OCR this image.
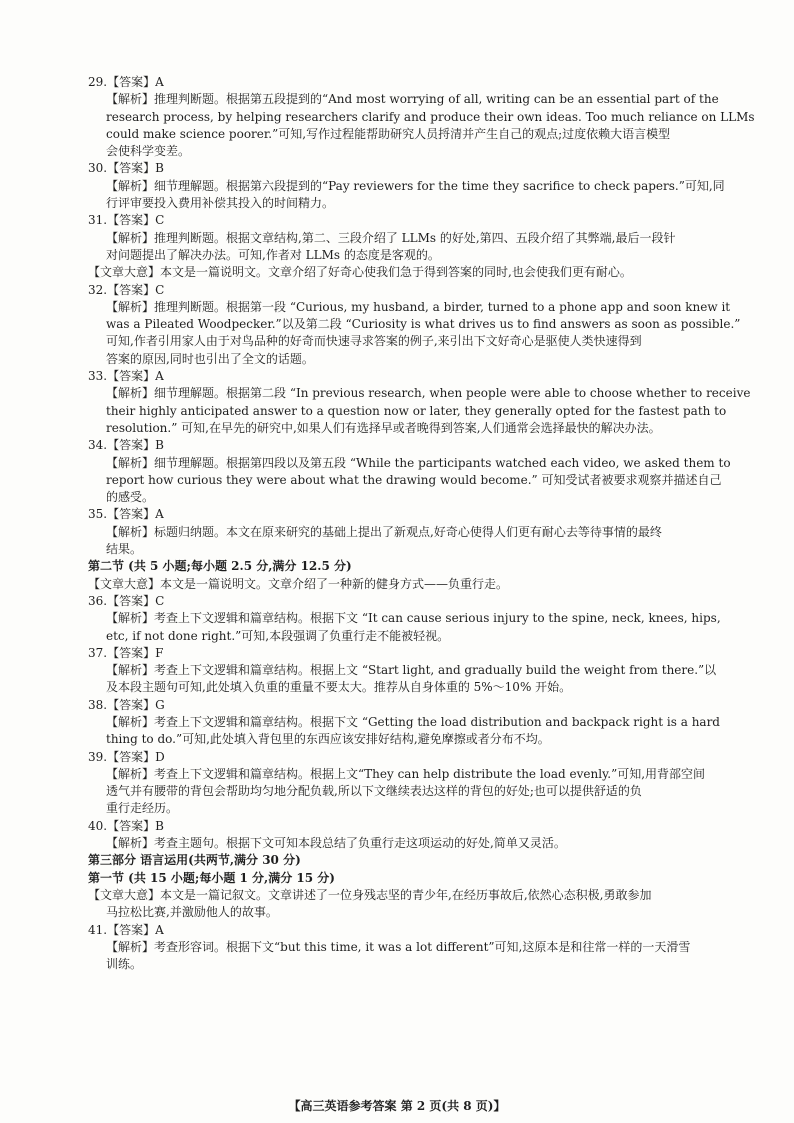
29.【答案】A
【解析】推理判断题。根据第五段提到的“And most worrying of all, writing can be an essential part of the
research process, by helping researchers clarify and produce their own ideas. Too much reliance on LLMs
could make science poorer.”可知,写作过程能帮助研究人员捋清并产生自己的观点;过度依赖大语言模型
会使科学变差。
30.【答案】B
【解析】细节理解题。根据第六段提到的“Pay reviewers for the time they sacrifice to check papers.”可知,同
行评审要投入费用补偿其投入的时间精力。
31.【答案】C
【解析】推理判断题。根据文章结构,第二、三段介绍了 LLMs 的好处,第四、五段介绍了其弊端,最后一段针
对问题提出了解决办法。可知,作者对 LLMs 的态度是客观的。
【文章大意】本文是一篇说明文。文章介绍了好奇心使我们急于得到答案的同时,也会使我们更有耐心。
32.【答案】C
【解析】推理判断题。根据第一段 “Curious, my husband, a birder, turned to a phone app and soon knew it
was a Pileated Woodpecker.”以及第二段 “Curiosity is what drives us to find answers as soon as possible.”
可知,作者引用家人由于对鸟品种的好奇而快速寻求答案的例子,来引出下文好奇心是驱使人类快速得到
答案的原因,同时也引出了全文的话题。
33.【答案】A
【解析】细节理解题。根据第二段 “In previous research, when people were able to choose whether to receive
their highly anticipated answer to a question now or later, they generally opted for the fastest path to
resolution.” 可知,在早先的研究中,如果人们有选择早或者晚得到答案,人们通常会选择最快的解决办法。
34.【答案】B
【解析】细节理解题。根据第四段以及第五段 “While the participants watched each video, we asked them to
report how curious they were about what the drawing would become.” 可知受试者被要求观察并描述自己
的感受。
35.【答案】A
【解析】标题归纳题。本文在原来研究的基础上提出了新观点,好奇心使得人们更有耐心去等待事情的最终
结果。
第二节 (共 5 小题;每小题 2.5 分,满分 12.5 分)
【文章大意】本文是一篇说明文。文章介绍了一种新的健身方式——负重行走。
36.【答案】C
【解析】考查上下文逻辑和篇章结构。根据下文 “It can cause serious injury to the spine, neck, knees, hips,
etc, if not done right.”可知,本段强调了负重行走不能被轻视。
37.【答案】F
【解析】考查上下文逻辑和篇章结构。根据上文 “Start light, and gradually build the weight from there.”以
及本段主题句可知,此处填入负重的重量不要太大。推荐从自身体重的 5%～10% 开始。
38.【答案】G
【解析】考查上下文逻辑和篇章结构。根据下文 “Getting the load distribution and backpack right is a hard
thing to do.”可知,此处填入背包里的东西应该安排好结构,避免摩擦或者分布不均。
39.【答案】D
【解析】考查上下文逻辑和篇章结构。根据上文“They can help distribute the load evenly.”可知,用背部空间
透气并有腰带的背包会帮助均匀地分配负载,所以下文继续表达这样的背包的好处;也可以提供舒适的负
重行走经历。
40.【答案】B
【解析】考查主题句。根据下文可知本段总结了负重行走这项运动的好处,简单又灵活。
第三部分 语言运用(共两节,满分 30 分)
第一节 (共 15 小题;每小题 1 分,满分 15 分)
【文章大意】本文是一篇记叙文。文章讲述了一位身残志坚的青少年,在经历事故后,依然心态积极,勇敢参加
马拉松比赛,并激励他人的故事。
41.【答案】A
【解析】考查形容词。根据下文“but this time, it was a lot different”可知,这原本是和往常一样的一天滑雪
训练。
【高三英语参考答案 第 2 页(共 8 页)】
